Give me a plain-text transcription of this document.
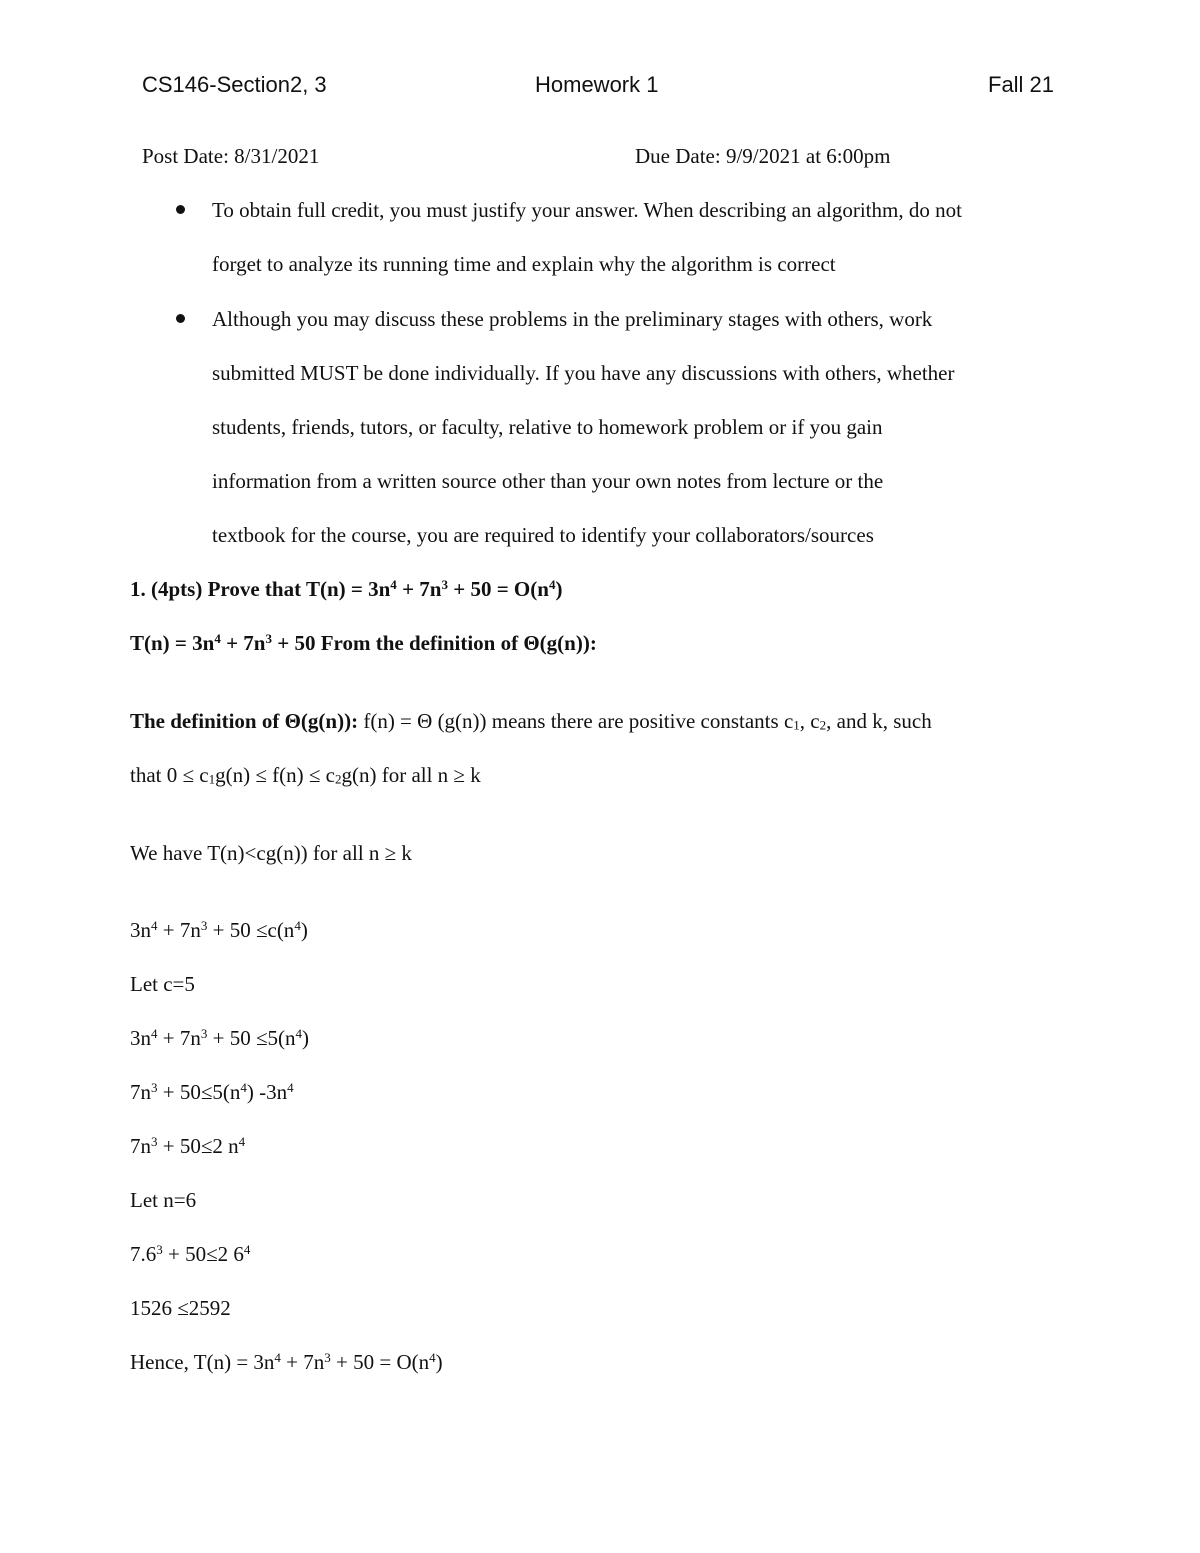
CS146-Section2, 3	Homework 1	Fall 21
Post Date: 8/31/2021	Due Date: 9/9/2021 at 6:00pm
To obtain full credit, you must justify your answer. When describing an algorithm, do not
forget to analyze its running time and explain why the algorithm is correct
Although you may discuss these problems in the preliminary stages with others, work
submitted MUST be done individually. If you have any discussions with others, whether
students, friends, tutors, or faculty, relative to homework problem or if you gain
information from a written source other than your own notes from lecture or the
textbook for the course, you are required to identify your collaborators/sources
1. (4pts) Prove that $T(n) = 3n^4 + 7n^3 + 50 = O(n^4)$
$T(n) = 3n^4 + 7n^3 + 50$ From the definition of Θ(g(n)):
The definition of Θ(g(n)): f(n) = Θ (g(n)) means there are positive constants $c_1$, $c_2$, and k, such
that $0 \le c_1g(n) \le f(n) \le c_2g(n)$ for all n ≥ k
We have T(n)<cg(n)) for all n ≥ k
$3n^4 + 7n^3 + 50 \le c(n^4)$
Let c=5
$3n^4 + 7n^3 + 50 \le 5(n^4)$
$7n^3 + 50\le 5(n^4)$ $-3n^4$
$7n^3 + 50\le 2$ $n^4$
Let n=6
$7.6^3 + 50\le 2$ $6^4$
1526 ≤2592
Hence, $T(n) = 3n^4 + 7n^3 + 50 = O(n^4)$
